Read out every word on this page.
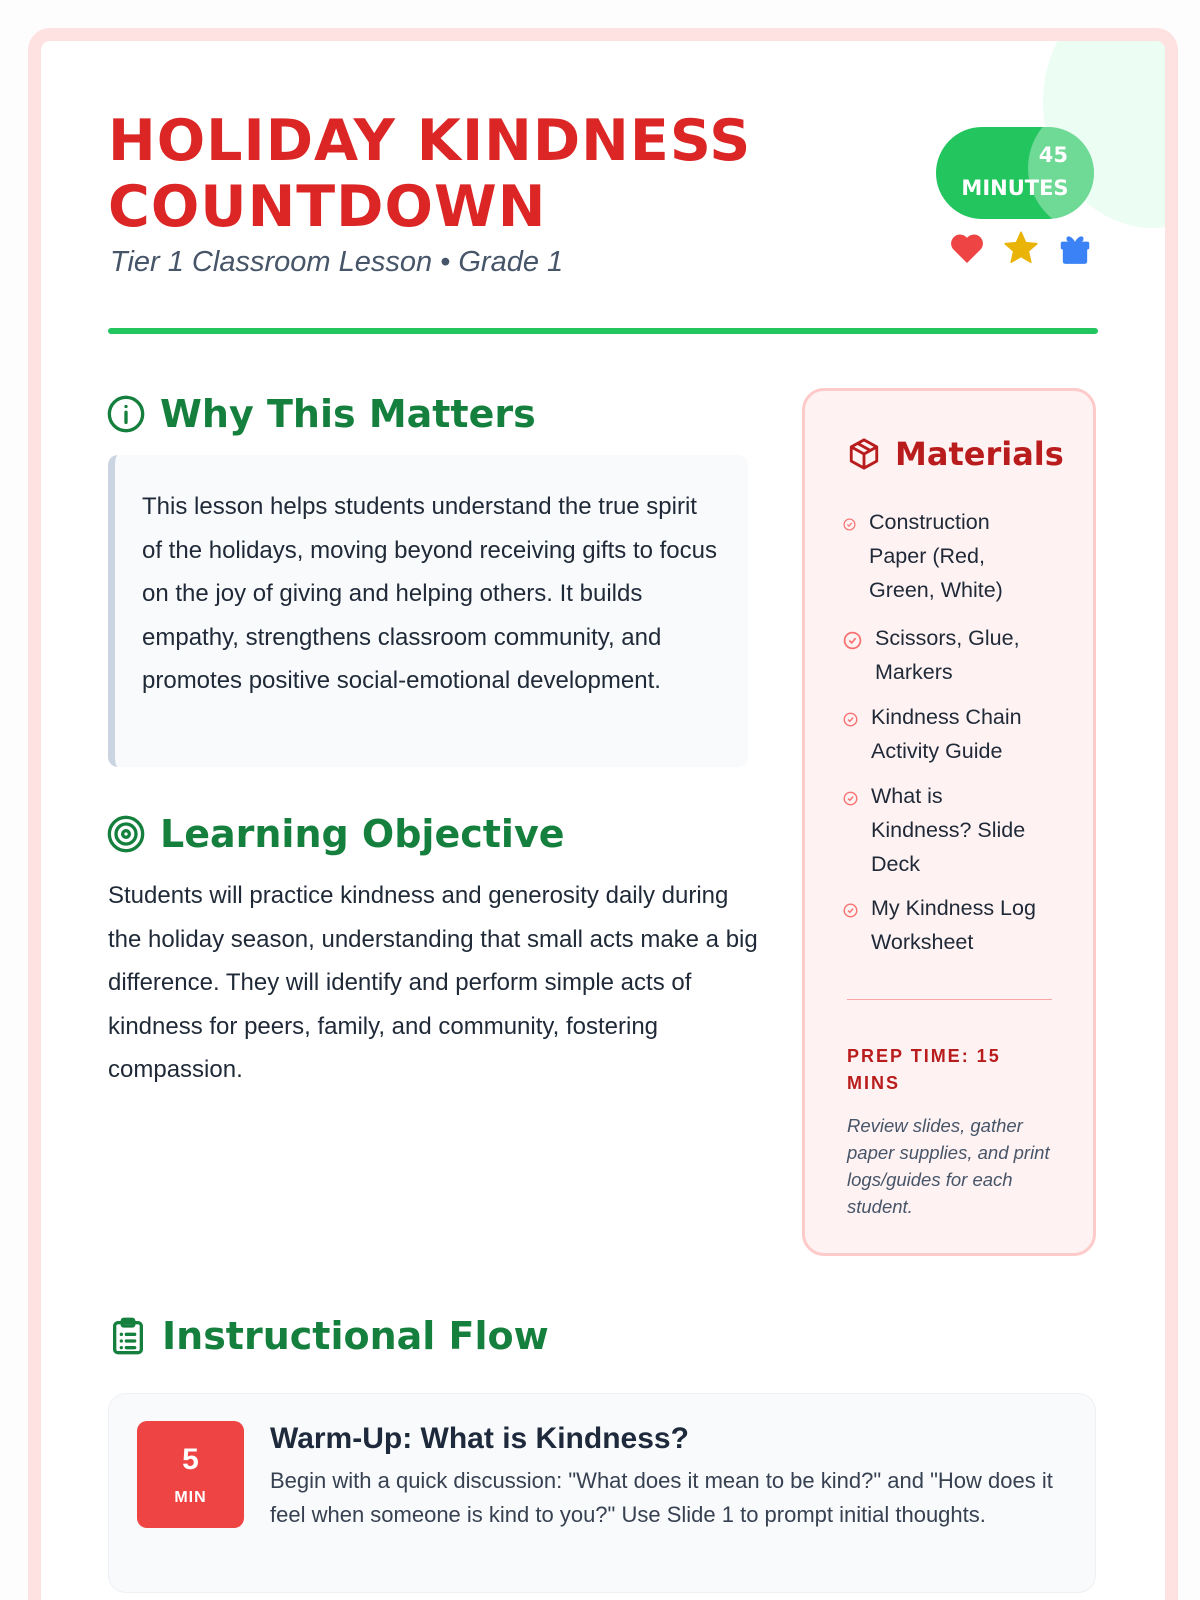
HOLIDAY KINDNESS COUNTDOWN
Tier 1 Classroom Lesson • Grade 1
45
MINUTES
Why This Matters

This lesson helps students understand the true spirit of the holidays, moving beyond receiving gifts to focus on the joy of giving and helping others. It builds empathy, strengthens classroom community, and promotes positive social-emotional development.

Learning Objective

Students will practice kindness and generosity daily during the holiday season, understanding that small acts make a big difference. They will identify and perform simple acts of kindness for peers, family, and community, fostering compassion.

Materials
Construction Paper (Red, Green, White)
Scissors, Glue, Markers
Kindness Chain Activity Guide
What is Kindness? Slide Deck
My Kindness Log Worksheet
PREP TIME: 15 MINS
Review slides, gather paper supplies, and print logs/guides for each student.
Instructional Flow
5
MIN
Warm-Up: What is Kindness?

Begin with a quick discussion: "What does it mean to be kind?" and "How does it feel when someone is kind to you?" Use Slide 1 to prompt initial thoughts.
